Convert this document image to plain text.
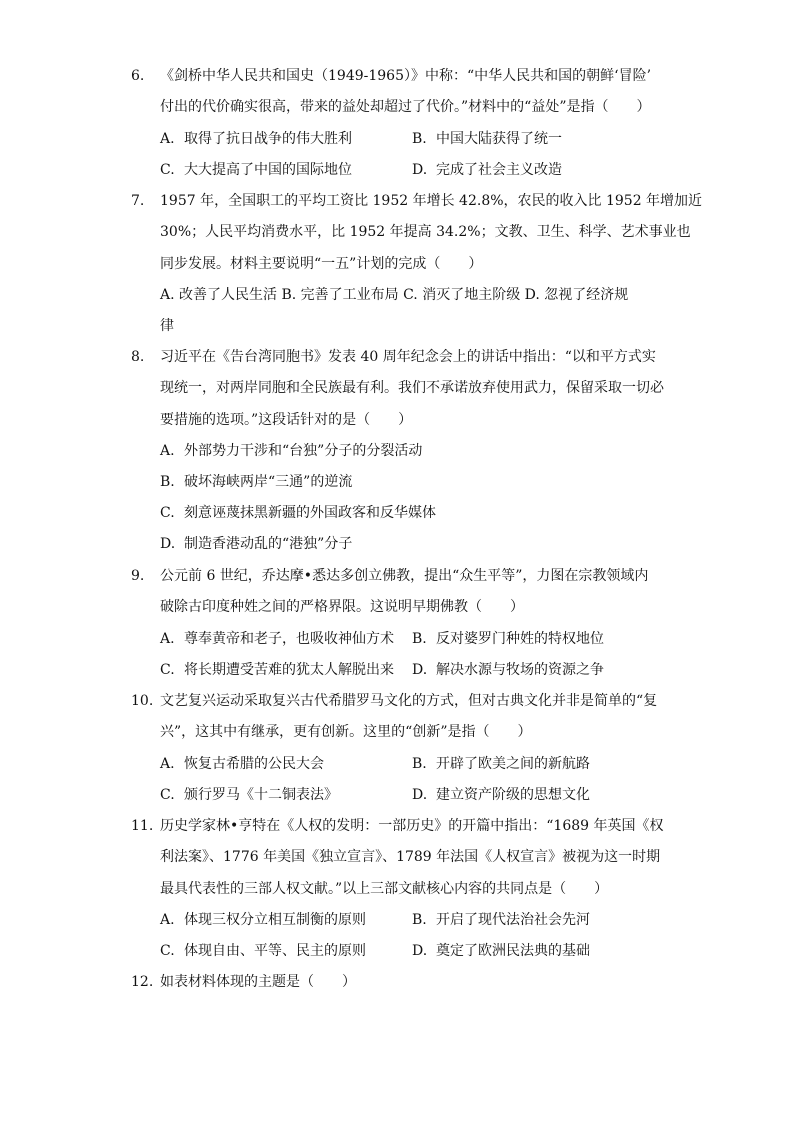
6. 《剑桥中华人民共和国史（1949-1965）》中称：“中华人民共和国的朝鲜‘冒险’
付出的代价确实很高，带来的益处却超过了代价。”材料中的“益处”是指（　　）
A. 取得了抗日战争的伟大胜利	B. 中国大陆获得了统一
C. 大大提高了中国的国际地位	D. 完成了社会主义改造
7. 1957 年，全国职工的平均工资比 1952 年增长 42.8%，农民的收入比 1952 年增加近
30%；人民平均消费水平，比 1952 年提高 34.2%；文教、卫生、科学、艺术事业也
同步发展。材料主要说明“一五”计划的完成（　　）
A. 改善了人民生活 B. 完善了工业布局 C. 消灭了地主阶级 D. 忽视了经济规
律
8. 习近平在《告台湾同胞书》发表 40 周年纪念会上的讲话中指出：“以和平方式实
现统一，对两岸同胞和全民族最有利。我们不承诺放弃使用武力，保留采取一切必
要措施的选项。”这段话针对的是（　　）
A. 外部势力干涉和“台独”分子的分裂活动
B. 破坏海峡两岸“三通”的逆流
C. 刻意诬蔑抹黑新疆的外国政客和反华媒体
D. 制造香港动乱的“港独”分子
9. 公元前 6 世纪，乔达摩•悉达多创立佛教，提出“众生平等”，力图在宗教领域内
破除古印度种姓之间的严格界限。这说明早期佛教（　　）
A. 尊奉黄帝和老子，也吸收神仙方术 B. 反对婆罗门种姓的特权地位
C. 将长期遭受苦难的犹太人解脱出来 D. 解决水源与牧场的资源之争
10. 文艺复兴运动采取复兴古代希腊罗马文化的方式，但对古典文化并非是简单的“复
兴”，这其中有继承，更有创新。这里的“创新”是指（　　）
A. 恢复古希腊的公民大会	B. 开辟了欧美之间的新航路
C. 颁行罗马《十二铜表法》	D. 建立资产阶级的思想文化
11. 历史学家林•亨特在《人权的发明：一部历史》的开篇中指出：“1689 年英国《权
利法案》、1776 年美国《独立宣言》、1789 年法国《人权宣言》被视为这一时期
最具代表性的三部人权文献。”以上三部文献核心内容的共同点是（　　）
A. 体现三权分立相互制衡的原则	B. 开启了现代法治社会先河
C. 体现自由、平等、民主的原则	D. 奠定了欧洲民法典的基础
12. 如表材料体现的主题是（　　）
